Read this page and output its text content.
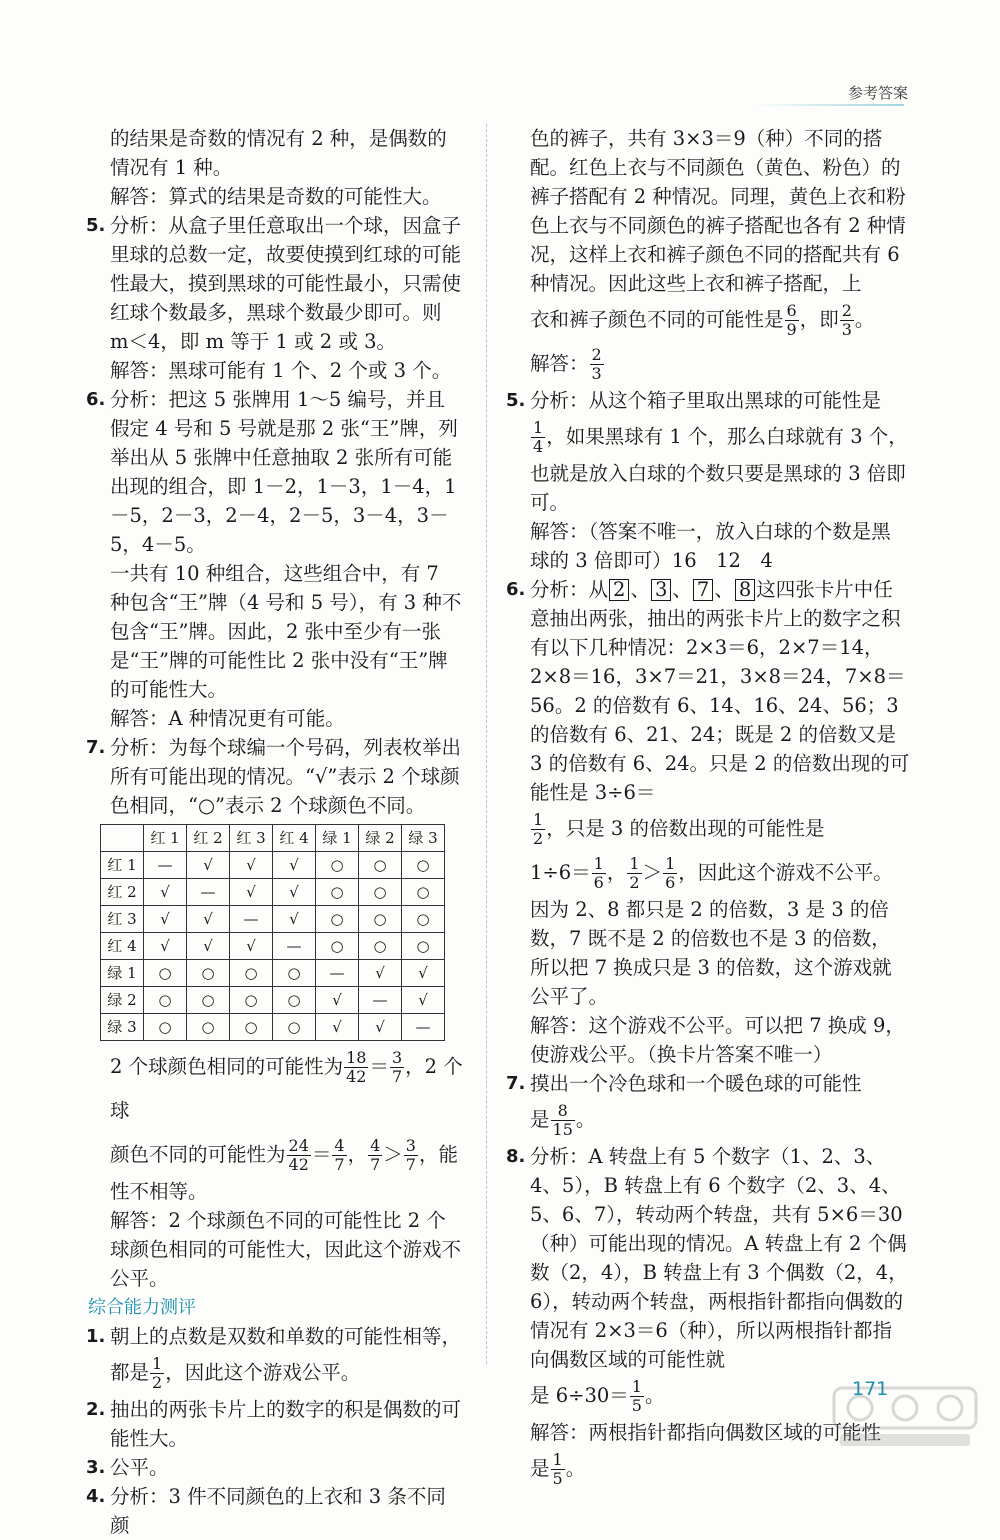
参考答案

的结果是奇数的情况有 2 种，是偶数的情况有 1 种。

解答：算式的结果是奇数的可能性大。

5. 分析：从盒子里任意取出一个球，因盒子里球的总数一定，故要使摸到红球的可能性最大，摸到黑球的可能性最小，只需使红球个数最多，黑球个数最少即可。则 m＜4，即 m 等于 1 或 2 或 3。

解答：黑球可能有 1 个、2 个或 3 个。

6. 分析：把这 5 张牌用 1～5 编号，并且假定 4 号和 5 号就是那 2 张“王”牌，列举出从 5 张牌中任意抽取 2 张所有可能出现的组合，即 1－2，1－3，1－4，1－5，2－3，2－4，2－5，3－4，3－5，4－5。

一共有 10 种组合，这些组合中，有 7 种包含“王”牌（4 号和 5 号），有 3 种不包含“王”牌。因此，2 张中至少有一张是“王”牌的可能性比 2 张中没有“王”牌的可能性大。

解答：A 种情况更有可能。

7. 分析：为每个球编一个号码，列表枚举出所有可能出现的情况。“√”表示 2 个球颜色相同，“○”表示 2 个球颜色不同。

	红 1	红 2	红 3	红 4	绿 1	绿 2	绿 3
红 1	—	√	√	√	○	○	○
红 2	√	—	√	√	○	○	○
红 3	√	√	—	√	○	○	○
红 4	√	√	√	—	○	○	○
绿 1	○	○	○	○	—	√	√
绿 2	○	○	○	○	√	—	√
绿 3	○	○	○	○	√	√	—

2 个球颜色相同的可能性为 $\frac{18}{42} = \frac{3}{7}$ ，2 个球

颜色不同的可能性为 $\frac{24}{42} = \frac{4}{7}$ ， $\frac{4}{7} > \frac{3}{7}$ ，能

性不相等。

解答：2 个球颜色不同的可能性比 2 个球颜色相同的可能性大，因此这个游戏不公平。

综合能力测评

1. 朝上的点数是双数和单数的可能性相等，

都是 $\frac{1}{2}$ ，因此这个游戏公平。

2. 抽出的两张卡片上的数字的积是偶数的可能性大。

3. 公平。

4. 分析：3 件不同颜色的上衣和 3 条不同颜

色的裤子，共有 3×3＝9（种）不同的搭配。红色上衣与不同颜色（黄色、粉色）的裤子搭配有 2 种情况。同理，黄色上衣和粉色上衣与不同颜色的裤子搭配也各有 2 种情况，这样上衣和裤子颜色不同的搭配共有 6 种情况。因此这些上衣和裤子搭配，上

衣和裤子颜色不同的可能性是 $\frac{6}{9}$ ，即 $\frac{2}{3}$ 。

解答： $\frac{2}{3}$

5. 分析：从这个箱子里取出黑球的可能性是

$\frac{1}{4}$ ，如果黑球有 1 个，那么白球就有 3 个，

也就是放入白球的个数只要是黑球的 3 倍即可。

解答：（答案不唯一，放入白球的个数是黑球的 3 倍即可）16　12　4

6. 分析：从 2 、 3 、 7 、 8 这四张卡片中任意抽出两张，抽出的两张卡片上的数字之积有以下几种情况：2×3＝6，2×7＝14，2×8＝16，3×7＝21，3×8＝24，7×8＝56。2 的倍数有 6、14、16、24、56；3 的倍数有 6、21、24；既是 2 的倍数又是 3 的倍数有 6、24。只是 2 的倍数出现的可能性是 3÷6＝

$\frac{1}{2}$ ，只是 3 的倍数出现的可能性是

$1\div 6= \frac{1}{6}$ ， $\frac{1}{2} > \frac{1}{6}$ ，因此这个游戏不公平。

因为 2、8 都只是 2 的倍数，3 是 3 的倍数，7 既不是 2 的倍数也不是 3 的倍数，所以把 7 换成只是 3 的倍数，这个游戏就公平了。

解答：这个游戏不公平。可以把 7 换成 9，使游戏公平。（换卡片答案不唯一）

7. 摸出一个冷色球和一个暖色球的可能性

是 $\frac{8}{15}$ 。

8. 分析：A 转盘上有 5 个数字（1、2、3、4、5），B 转盘上有 6 个数字（2、3、4、5、6、7），转动两个转盘，共有 5×6＝30（种）可能出现的情况。A 转盘上有 2 个偶数（2，4），B 转盘上有 3 个偶数（2，4，6），转动两个转盘，两根指针都指向偶数的情况有 2×3＝6（种），所以两根指针都指向偶数区域的可能性就

是 $6\div 30= \frac{1}{5}$ 。

解答：两根指针都指向偶数区域的可能性

是 $\frac{1}{5}$ 。

171
